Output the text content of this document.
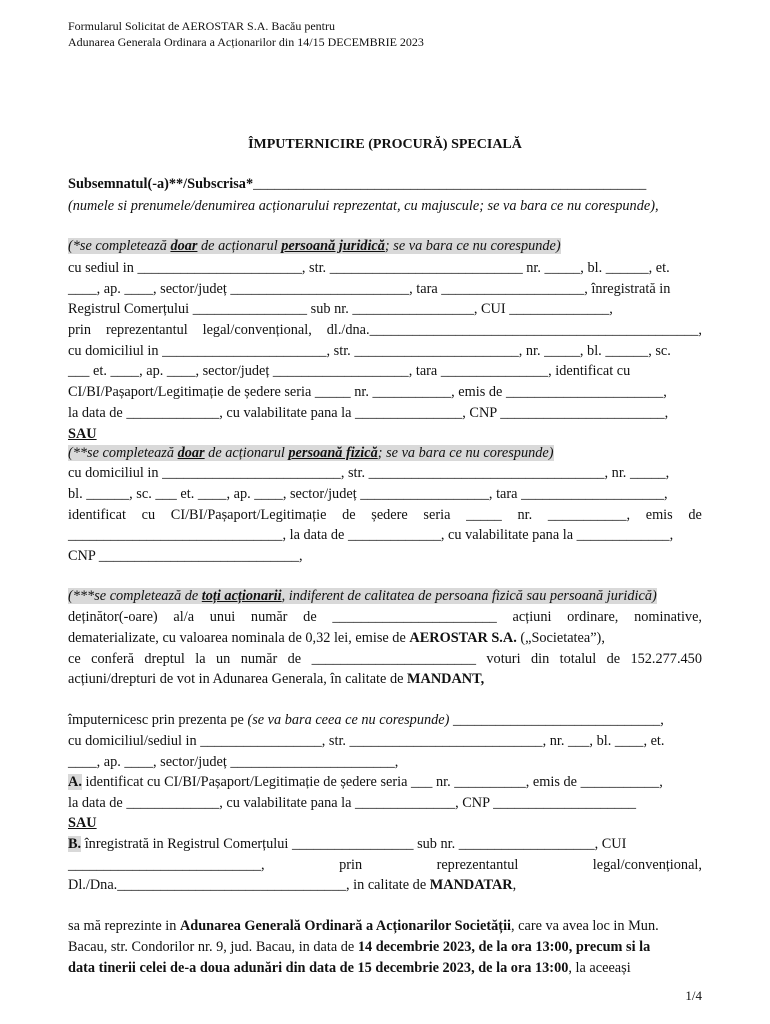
Formularul Solicitat de AEROSTAR S.A. Bacău pentru
Adunarea Generala Ordinara a Acționarilor din 14/15 DECEMBRIE 2023
ÎMPUTERNICIRE (PROCURĂ) SPECIALĂ
Subsemnatul(-a)**/Subscrisa*_______________________________________________________
(numele si prenumele/denumirea acționarului reprezentat, cu majuscule; se va bara ce nu corespunde),
(*se completează doar de acționarul persoană juridică; se va bara ce nu corespunde)
cu sediul in _______________________, str. ___________________________ nr. _____, bl. ______, et.
____, ap. ____, sector/județ _________________________, tara ____________________, înregistrată in
Registrul Comerțului ________________ sub nr. _________________, CUI ______________,
prin reprezentantul legal/convențional, dl./dna.______________________________________________,
cu domiciliul in _______________________, str. _______________________, nr. _____, bl. ______, sc.
___ et. ____, ap. ____, sector/județ ___________________, tara _______________, identificat cu
CI/BI/Pașaport/Legitimație de ședere seria _____ nr. ___________, emis de ______________________,
la data de _____________, cu valabilitate pana la _______________, CNP _______________________,
SAU
(**se completează doar de acționarul persoană fizică; se va bara ce nu corespunde)
cu domiciliul in _________________________, str. _________________________________, nr. _____,
bl. ______, sc. ___ et. ____, ap. ____, sector/județ __________________, tara ____________________,
identificat cu CI/BI/Pașaport/Legitimație de ședere seria _____ nr. ___________, emis de
______________________________, la data de _____________, cu valabilitate pana la _____________,
CNP ____________________________,
(***se completează de toți acționarii, indiferent de calitatea de persoana fizică sau persoană juridică)
deținător(-oare) al/a unui număr de _______________________ acțiuni ordinare, nominative,
dematerializate, cu valoarea nominala de 0,32 lei, emise de AEROSTAR S.A. („Societatea”),
ce conferă dreptul la un număr de _______________________ voturi din totalul de 152.277.450
acțiuni/drepturi de vot in Adunarea Generala, în calitate de MANDANT,
împuternicesc prin prezenta pe (se va bara ceea ce nu corespunde) _____________________________,
cu domiciliul/sediul in _________________, str. ___________________________, nr. ___, bl. ____, et.
____, ap. ____, sector/județ _______________________,
A. identificat cu CI/BI/Pașaport/Legitimație de ședere seria ___ nr. __________, emis de ___________,
la data de _____________, cu valabilitate pana la ______________, CNP ____________________
SAU
B. înregistrată in Registrul Comerțului _________________ sub nr. ___________________, CUI
___________________________,	prin	reprezentantul	legal/convențional,
Dl./Dna.________________________________, in calitate de MANDATAR,
sa mă reprezinte in Adunarea Generală Ordinară a Acționarilor Societății, care va avea loc in Mun.
Bacau, str. Condorilor nr. 9, jud. Bacau, in data de 14 decembrie 2023, de la ora 13:00, precum si la
data tinerii celei de-a doua adunări din data de 15 decembrie 2023, de la ora 13:00, la aceeași
1/4
